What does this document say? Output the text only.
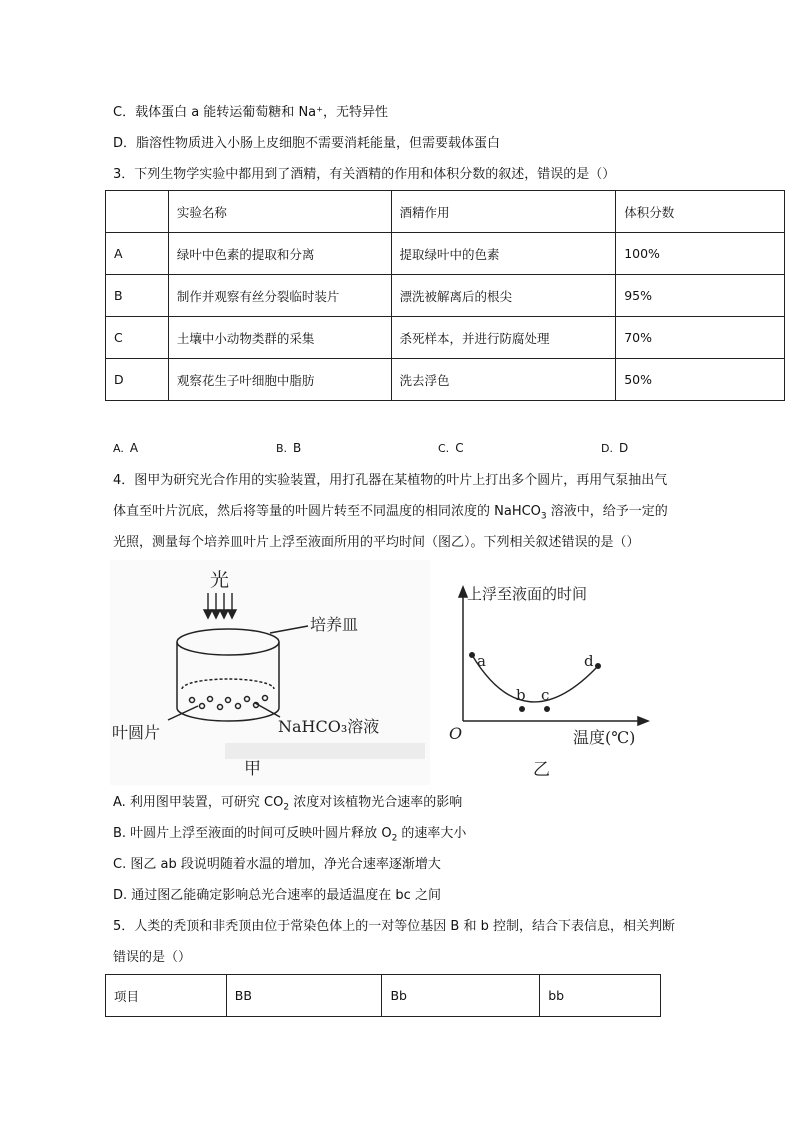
C．载体蛋白 a 能转运葡萄糖和 Na⁺，无特异性
D．脂溶性物质进入小肠上皮细胞不需要消耗能量，但需要载体蛋白
3．下列生物学实验中都用到了酒精，有关酒精的作用和体积分数的叙述，错误的是（）
	实验名称	酒精作用	体积分数
A	绿叶中色素的提取和分离	提取绿叶中的色素	100%
B	制作并观察有丝分裂临时装片	漂洗被解离后的根尖	95%
C	土壤中小动物类群的采集	杀死样本，并进行防腐处理	70%
D	观察花生子叶细胞中脂肪	洗去浮色	50%
A. A	B. B	C. C	D. D
4．图甲为研究光合作用的实验装置，用打孔器在某植物的叶片上打出多个圆片，再用气泵抽出气
体直至叶片沉底，然后将等量的叶圆片转至不同温度的相同浓度的 NaHCO$_3$ 溶液中，给予一定的
光照，测量每个培养皿叶片上浮至液面所用的平均时间（图乙）。下列相关叙述错误的是（）
光
培养皿
叶圆片	NaHCO₃溶液
甲
a
b c
d
上浮至液面的时间
O	温度(℃)
乙
A. 利用图甲装置，可研究 $CO_2$ 浓度对该植物光合速率的影响
B. 叶圆片上浮至液面的时间可反映叶圆片释放 $O_2$ 的速率大小
C. 图乙 ab 段说明随着水温的增加，净光合速率逐渐增大
D. 通过图乙能确定影响总光合速率的最适温度在 bc 之间
5．人类的秃顶和非秃顶由位于常染色体上的一对等位基因 B 和 b 控制，结合下表信息，相关判断
错误的是（）
项目	BB	Bb	bb
